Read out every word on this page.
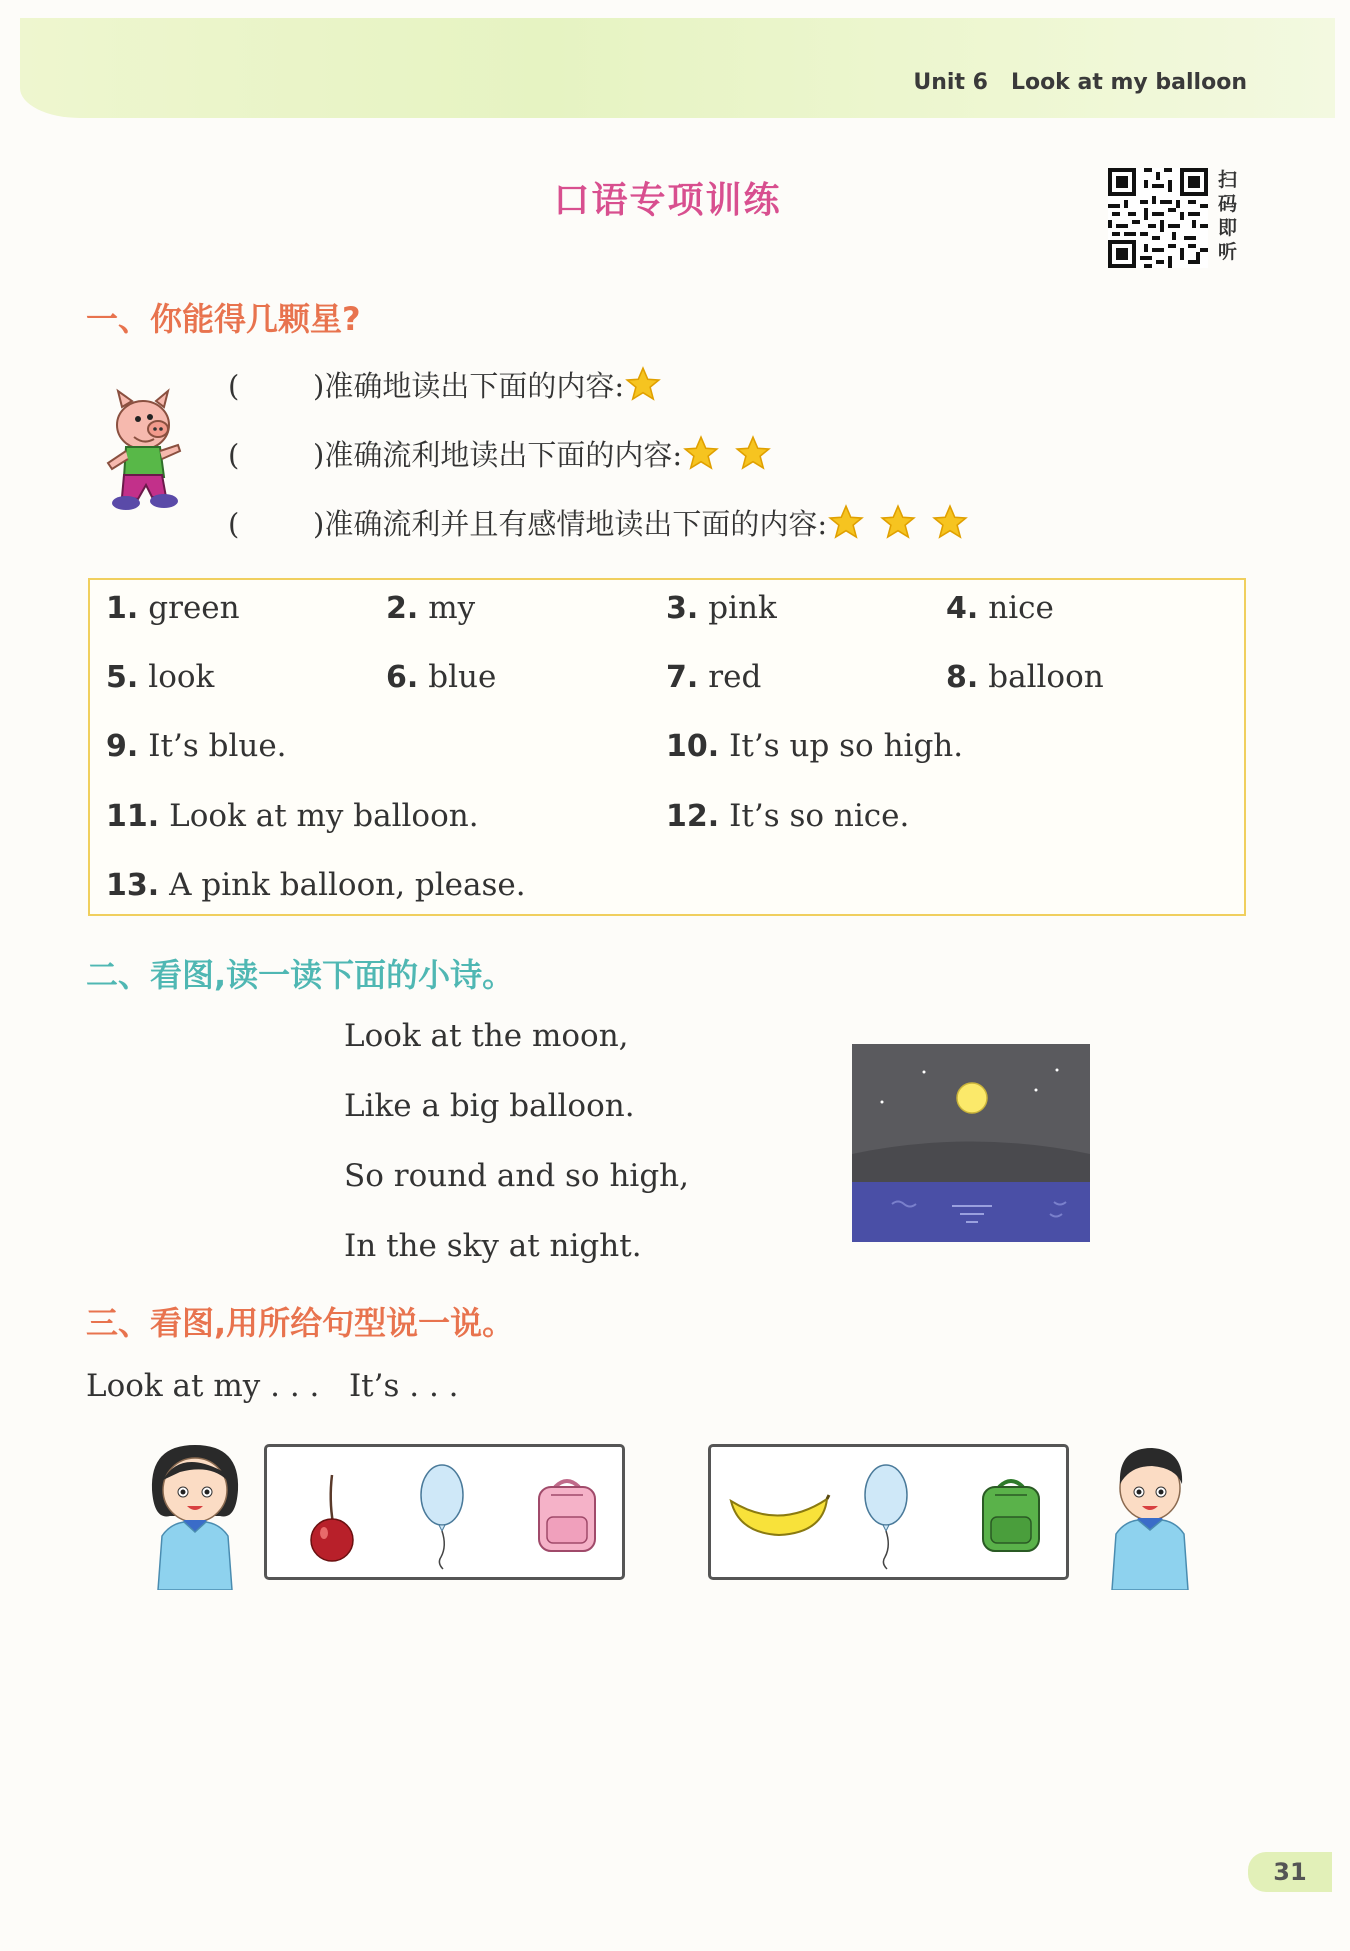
Unit 6 Look at my balloon
口语专项训练	扫码即听
一、你能得几颗星?
(        )准确地读出下面的内容:
(        )准确流利地读出下面的内容:
(        )准确流利并且有感情地读出下面的内容:
1. green	2. my	3. pink	4. nice
5. look	6. blue	7. red	8. balloon
9. It’s blue.	10. It’s up so high.
11. Look at my balloon.	12. It’s so nice.
13. A pink balloon, please.
二、看图,读一读下面的小诗。
Look at the moon,
Like a big balloon.
So round and so high,
In the sky at night.
三、看图,用所给句型说一说。
Look at my . . .   It’s . . .
31
